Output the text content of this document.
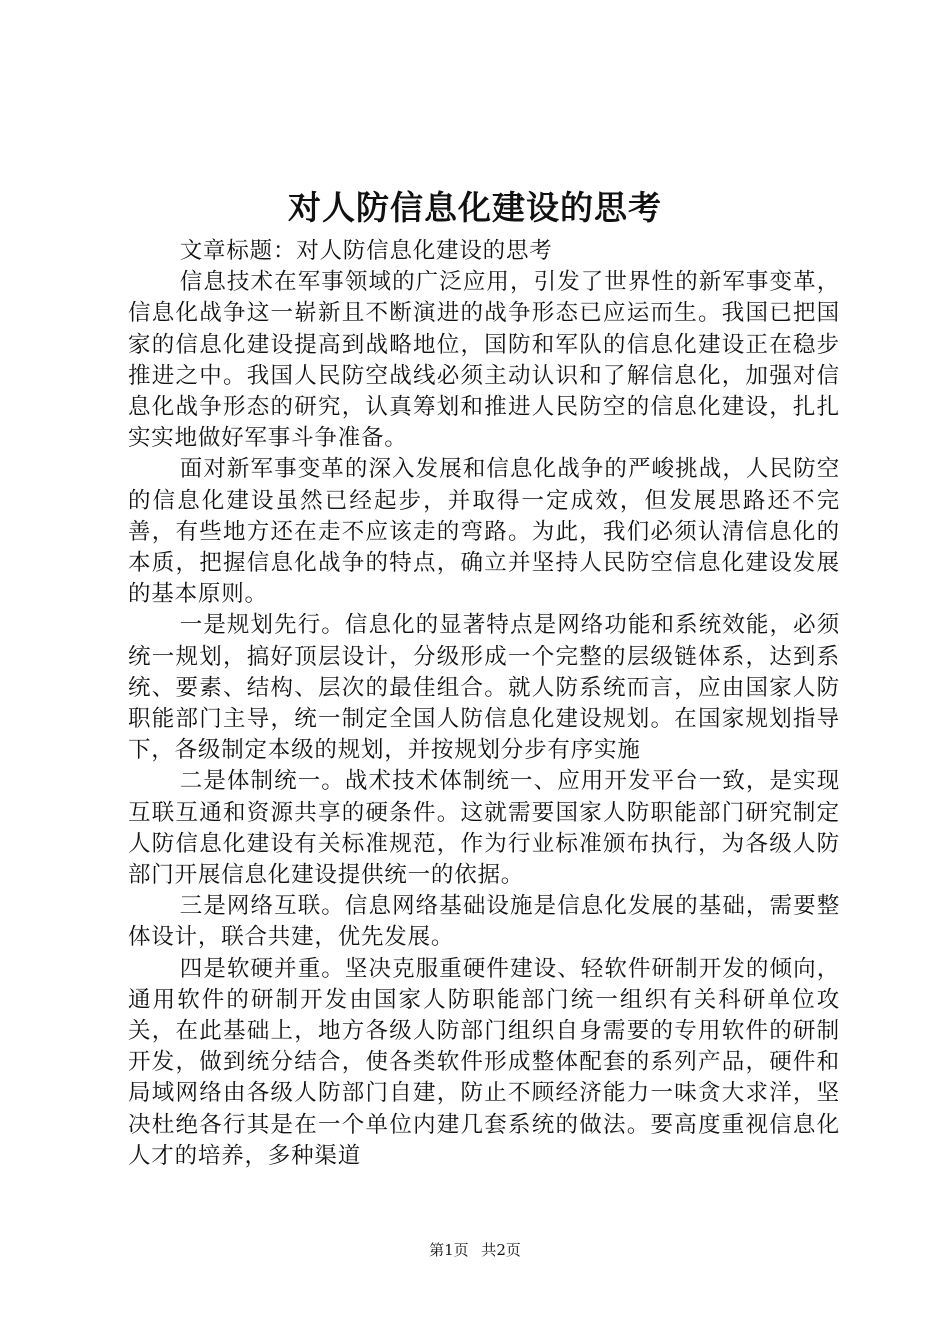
对人防信息化建设的思考

文章标题：对人防信息化建设的思考

信息技术在军事领域的广泛应用，引发了世界性的新军事变革，信息化战争这一崭新且不断演进的战争形态已应运而生。我国已把国家的信息化建设提高到战略地位，国防和军队的信息化建设正在稳步推进之中。我国人民防空战线必须主动认识和了解信息化，加强对信息化战争形态的研究，认真筹划和推进人民防空的信息化建设，扎扎实实地做好军事斗争准备。

面对新军事变革的深入发展和信息化战争的严峻挑战，人民防空的信息化建设虽然已经起步，并取得一定成效，但发展思路还不完善，有些地方还在走不应该走的弯路。为此，我们必须认清信息化的本质，把握信息化战争的特点，确立并坚持人民防空信息化建设发展的基本原则。

一是规划先行。信息化的显著特点是网络功能和系统效能，必须统一规划，搞好顶层设计，分级形成一个完整的层级链体系，达到系统、要素、结构、层次的最佳组合。就人防系统而言，应由国家人防职能部门主导，统一制定全国人防信息化建设规划。在国家规划指导下，各级制定本级的规划，并按规划分步有序实施

二是体制统一。战术技术体制统一、应用开发平台一致，是实现互联互通和资源共享的硬条件。这就需要国家人防职能部门研究制定人防信息化建设有关标准规范，作为行业标准颁布执行，为各级人防部门开展信息化建设提供统一的依据。

三是网络互联。信息网络基础设施是信息化发展的基础，需要整体设计，联合共建，优先发展。

四是软硬并重。坚决克服重硬件建设、轻软件研制开发的倾向，通用软件的研制开发由国家人防职能部门统一组织有关科研单位攻关，在此基础上，地方各级人防部门组织自身需要的专用软件的研制开发，做到统分结合，使各类软件形成整体配套的系列产品，硬件和局域网络由各级人防部门自建，防止不顾经济能力一味贪大求洋，坚决杜绝各行其是在一个单位内建几套系统的做法。要高度重视信息化人才的培养，多种渠道

第1页 共2页
